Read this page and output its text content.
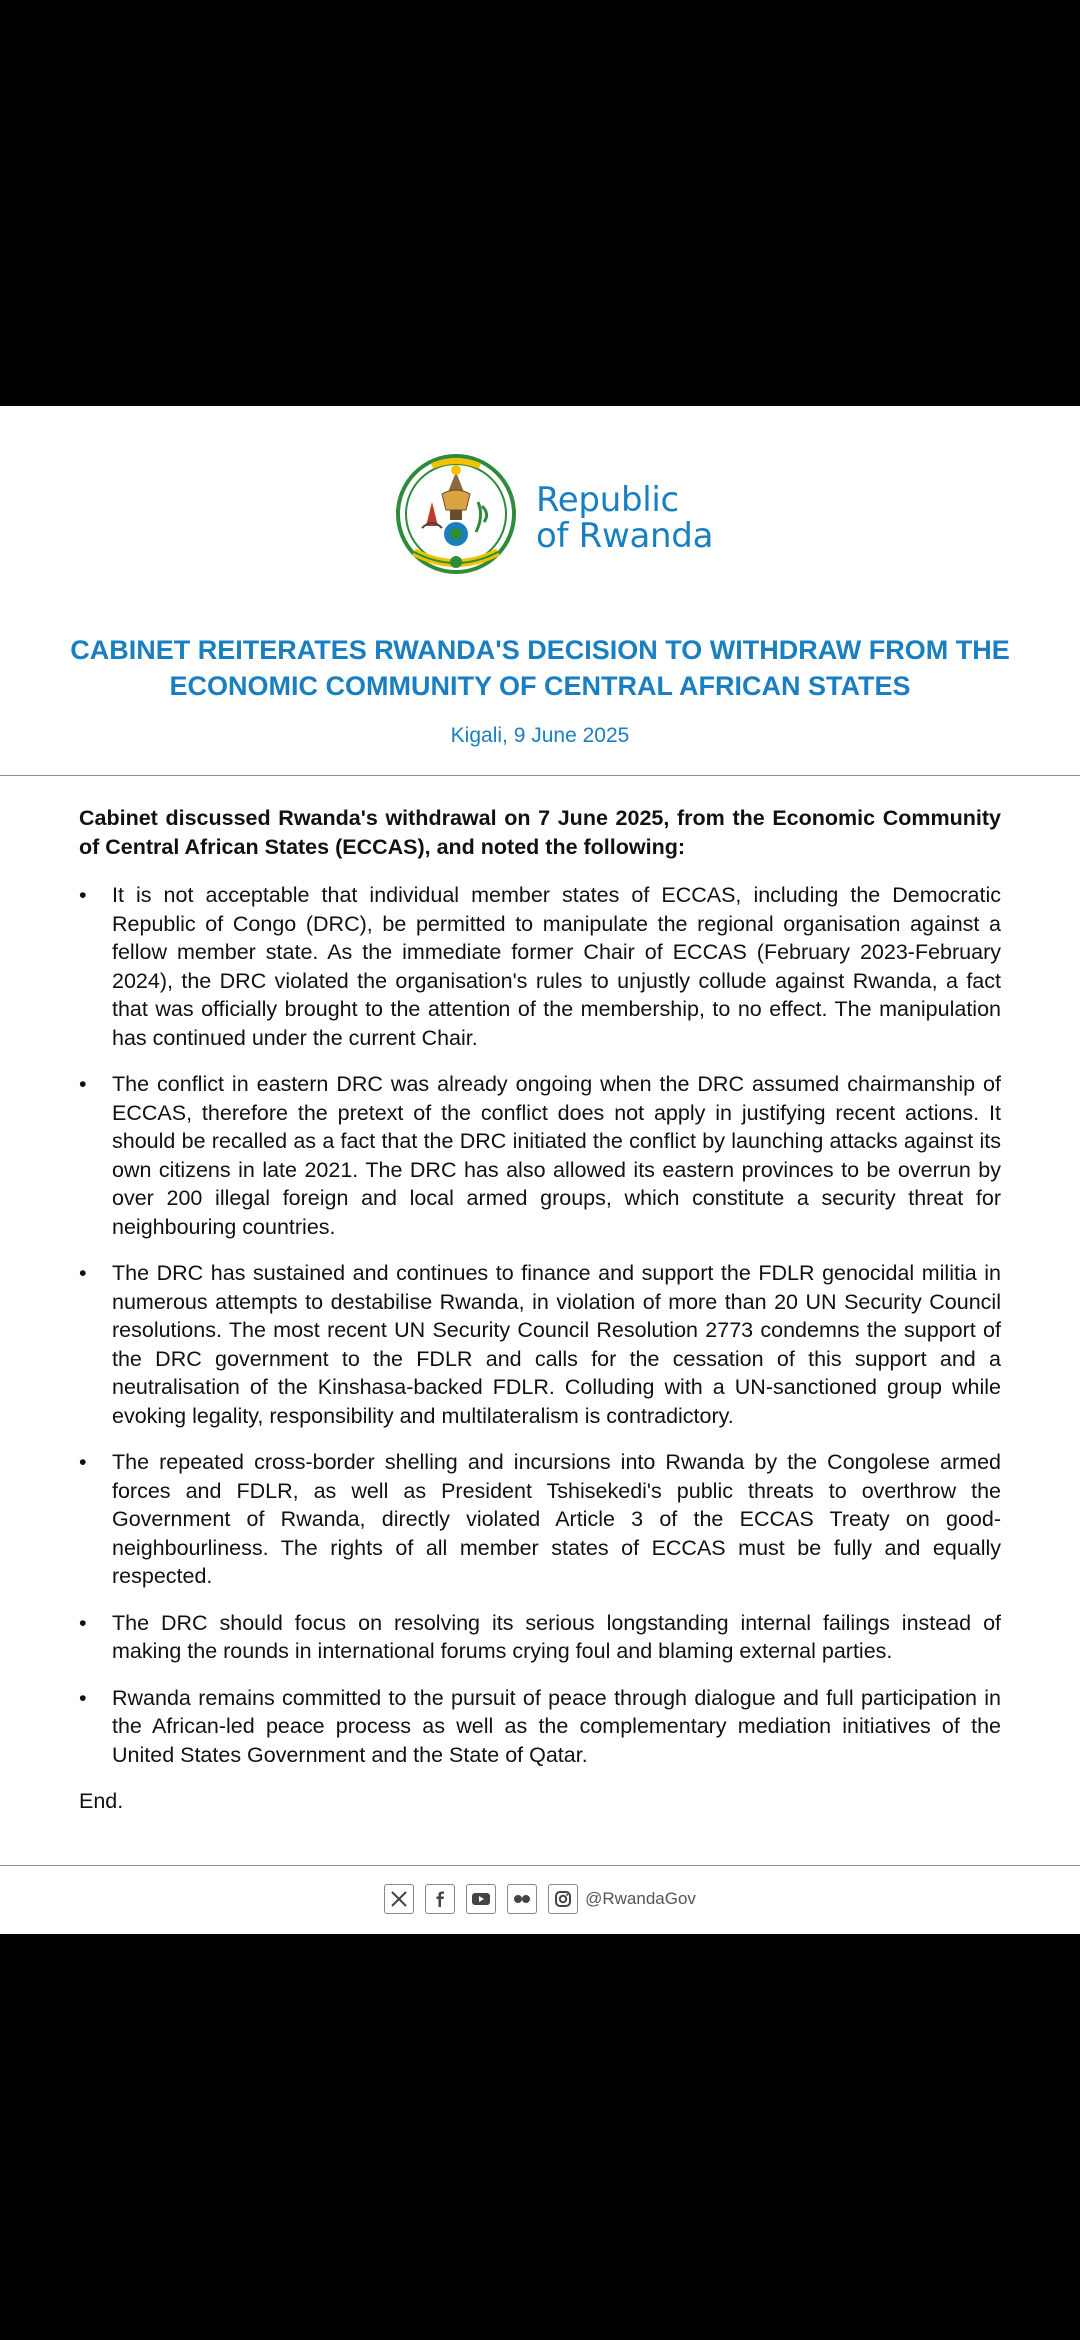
Republic
of Rwanda
CABINET REITERATES RWANDA'S DECISION TO WITHDRAW FROM THE ECONOMIC COMMUNITY OF CENTRAL AFRICAN STATES
Kigali, 9 June 2025

Cabinet discussed Rwanda's withdrawal on 7 June 2025, from the Economic Community of Central African States (ECCAS), and noted the following:

• It is not acceptable that individual member states of ECCAS, including the Democratic Republic of Congo (DRC), be permitted to manipulate the regional organisation against a fellow member state. As the immediate former Chair of ECCAS (February 2023-February 2024), the DRC violated the organisation's rules to unjustly collude against Rwanda, a fact that was officially brought to the attention of the membership, to no effect. The manipulation has continued under the current Chair.
• The conflict in eastern DRC was already ongoing when the DRC assumed chairmanship of ECCAS, therefore the pretext of the conflict does not apply in justifying recent actions. It should be recalled as a fact that the DRC initiated the conflict by launching attacks against its own citizens in late 2021. The DRC has also allowed its eastern provinces to be overrun by over 200 illegal foreign and local armed groups, which constitute a security threat for neighbouring countries.
• The DRC has sustained and continues to finance and support the FDLR genocidal militia in numerous attempts to destabilise Rwanda, in violation of more than 20 UN Security Council resolutions. The most recent UN Security Council Resolution 2773 condemns the support of the DRC government to the FDLR and calls for the cessation of this support and a neutralisation of the Kinshasa-backed FDLR. Colluding with a UN-sanctioned group while evoking legality, responsibility and multilateralism is contradictory.
• The repeated cross-border shelling and incursions into Rwanda by the Congolese armed forces and FDLR, as well as President Tshisekedi's public threats to overthrow the Government of Rwanda, directly violated Article 3 of the ECCAS Treaty on good-neighbourliness. The rights of all member states of ECCAS must be fully and equally respected.
• The DRC should focus on resolving its serious longstanding internal failings instead of making the rounds in international forums crying foul and blaming external parties.
• Rwanda remains committed to the pursuit of peace through dialogue and full participation in the African-led peace process as well as the complementary mediation initiatives of the United States Government and the State of Qatar.
End.
@RwandaGov
